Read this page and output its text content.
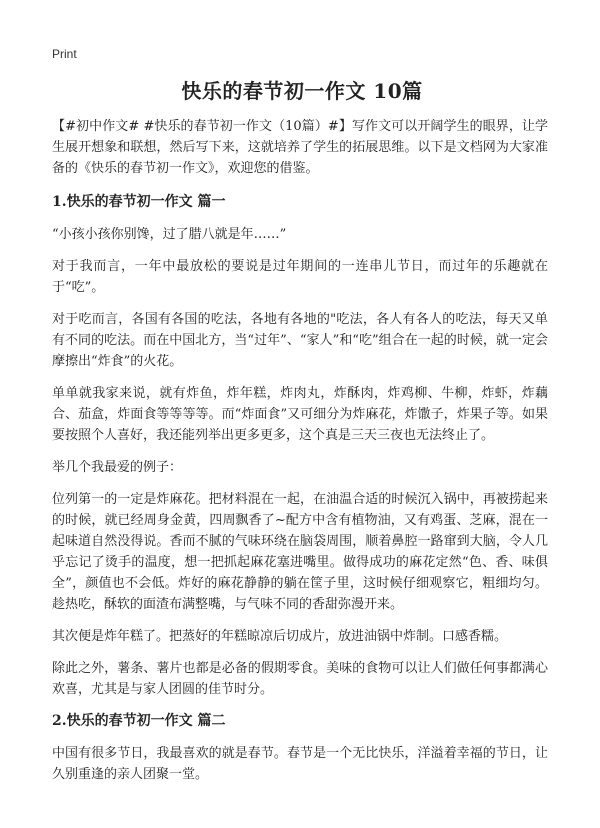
Print
快乐的春节初一作文 10篇

【#初中作文# #快乐的春节初一作文（10篇）#】写作文可以开阔学生的眼界，让学生展开想象和联想，然后写下来，这就培养了学生的拓展思维。以下是文档网为大家准备的《快乐的春节初一作文》，欢迎您的借鉴。

1.快乐的春节初一作文 篇一

“小孩小孩你别馋，过了腊八就是年……”

对于我而言，一年中最放松的要说是过年期间的一连串儿节日，而过年的乐趣就在于“吃”。

对于吃而言，各国有各国的吃法，各地有各地的"吃法，各人有各人的吃法，每天又单有不同的吃法。而在中国北方，当“过年”、“家人”和“吃”组合在一起的时候，就一定会摩擦出“炸食”的火花。

单单就我家来说，就有炸鱼，炸年糕，炸肉丸，炸酥肉，炸鸡柳、牛柳，炸虾，炸藕合、茄盒，炸面食等等等等。而“炸面食”又可细分为炸麻花，炸馓子，炸果子等。如果要按照个人喜好，我还能列举出更多更多，这个真是三天三夜也无法终止了。

举几个我最爱的例子：

位列第一的一定是炸麻花。把材料混在一起，在油温合适的时候沉入锅中，再被捞起来的时候，就已经周身金黄，四周飘香了~配方中含有植物油，又有鸡蛋、芝麻，混在一起味道自然没得说。香而不腻的气味环绕在脑袋周围，顺着鼻腔一路窜到大脑，令人几乎忘记了烫手的温度，想一把抓起麻花塞进嘴里。做得成功的麻花定然“色、香、味俱全”，颜值也不会低。炸好的麻花静静的躺在筐子里，这时候仔细观察它，粗细均匀。趁热吃，酥软的面渣布满整嘴，与气味不同的香甜弥漫开来。

其次便是炸年糕了。把蒸好的年糕晾凉后切成片，放进油锅中炸制。口感香糯。

除此之外，薯条、薯片也都是必备的假期零食。美味的食物可以让人们做任何事都满心欢喜，尤其是与家人团圆的佳节时分。

2.快乐的春节初一作文 篇二

中国有很多节日，我最喜欢的就是春节。春节是一个无比快乐，洋溢着幸福的节日，让久别重逢的亲人团聚一堂。
